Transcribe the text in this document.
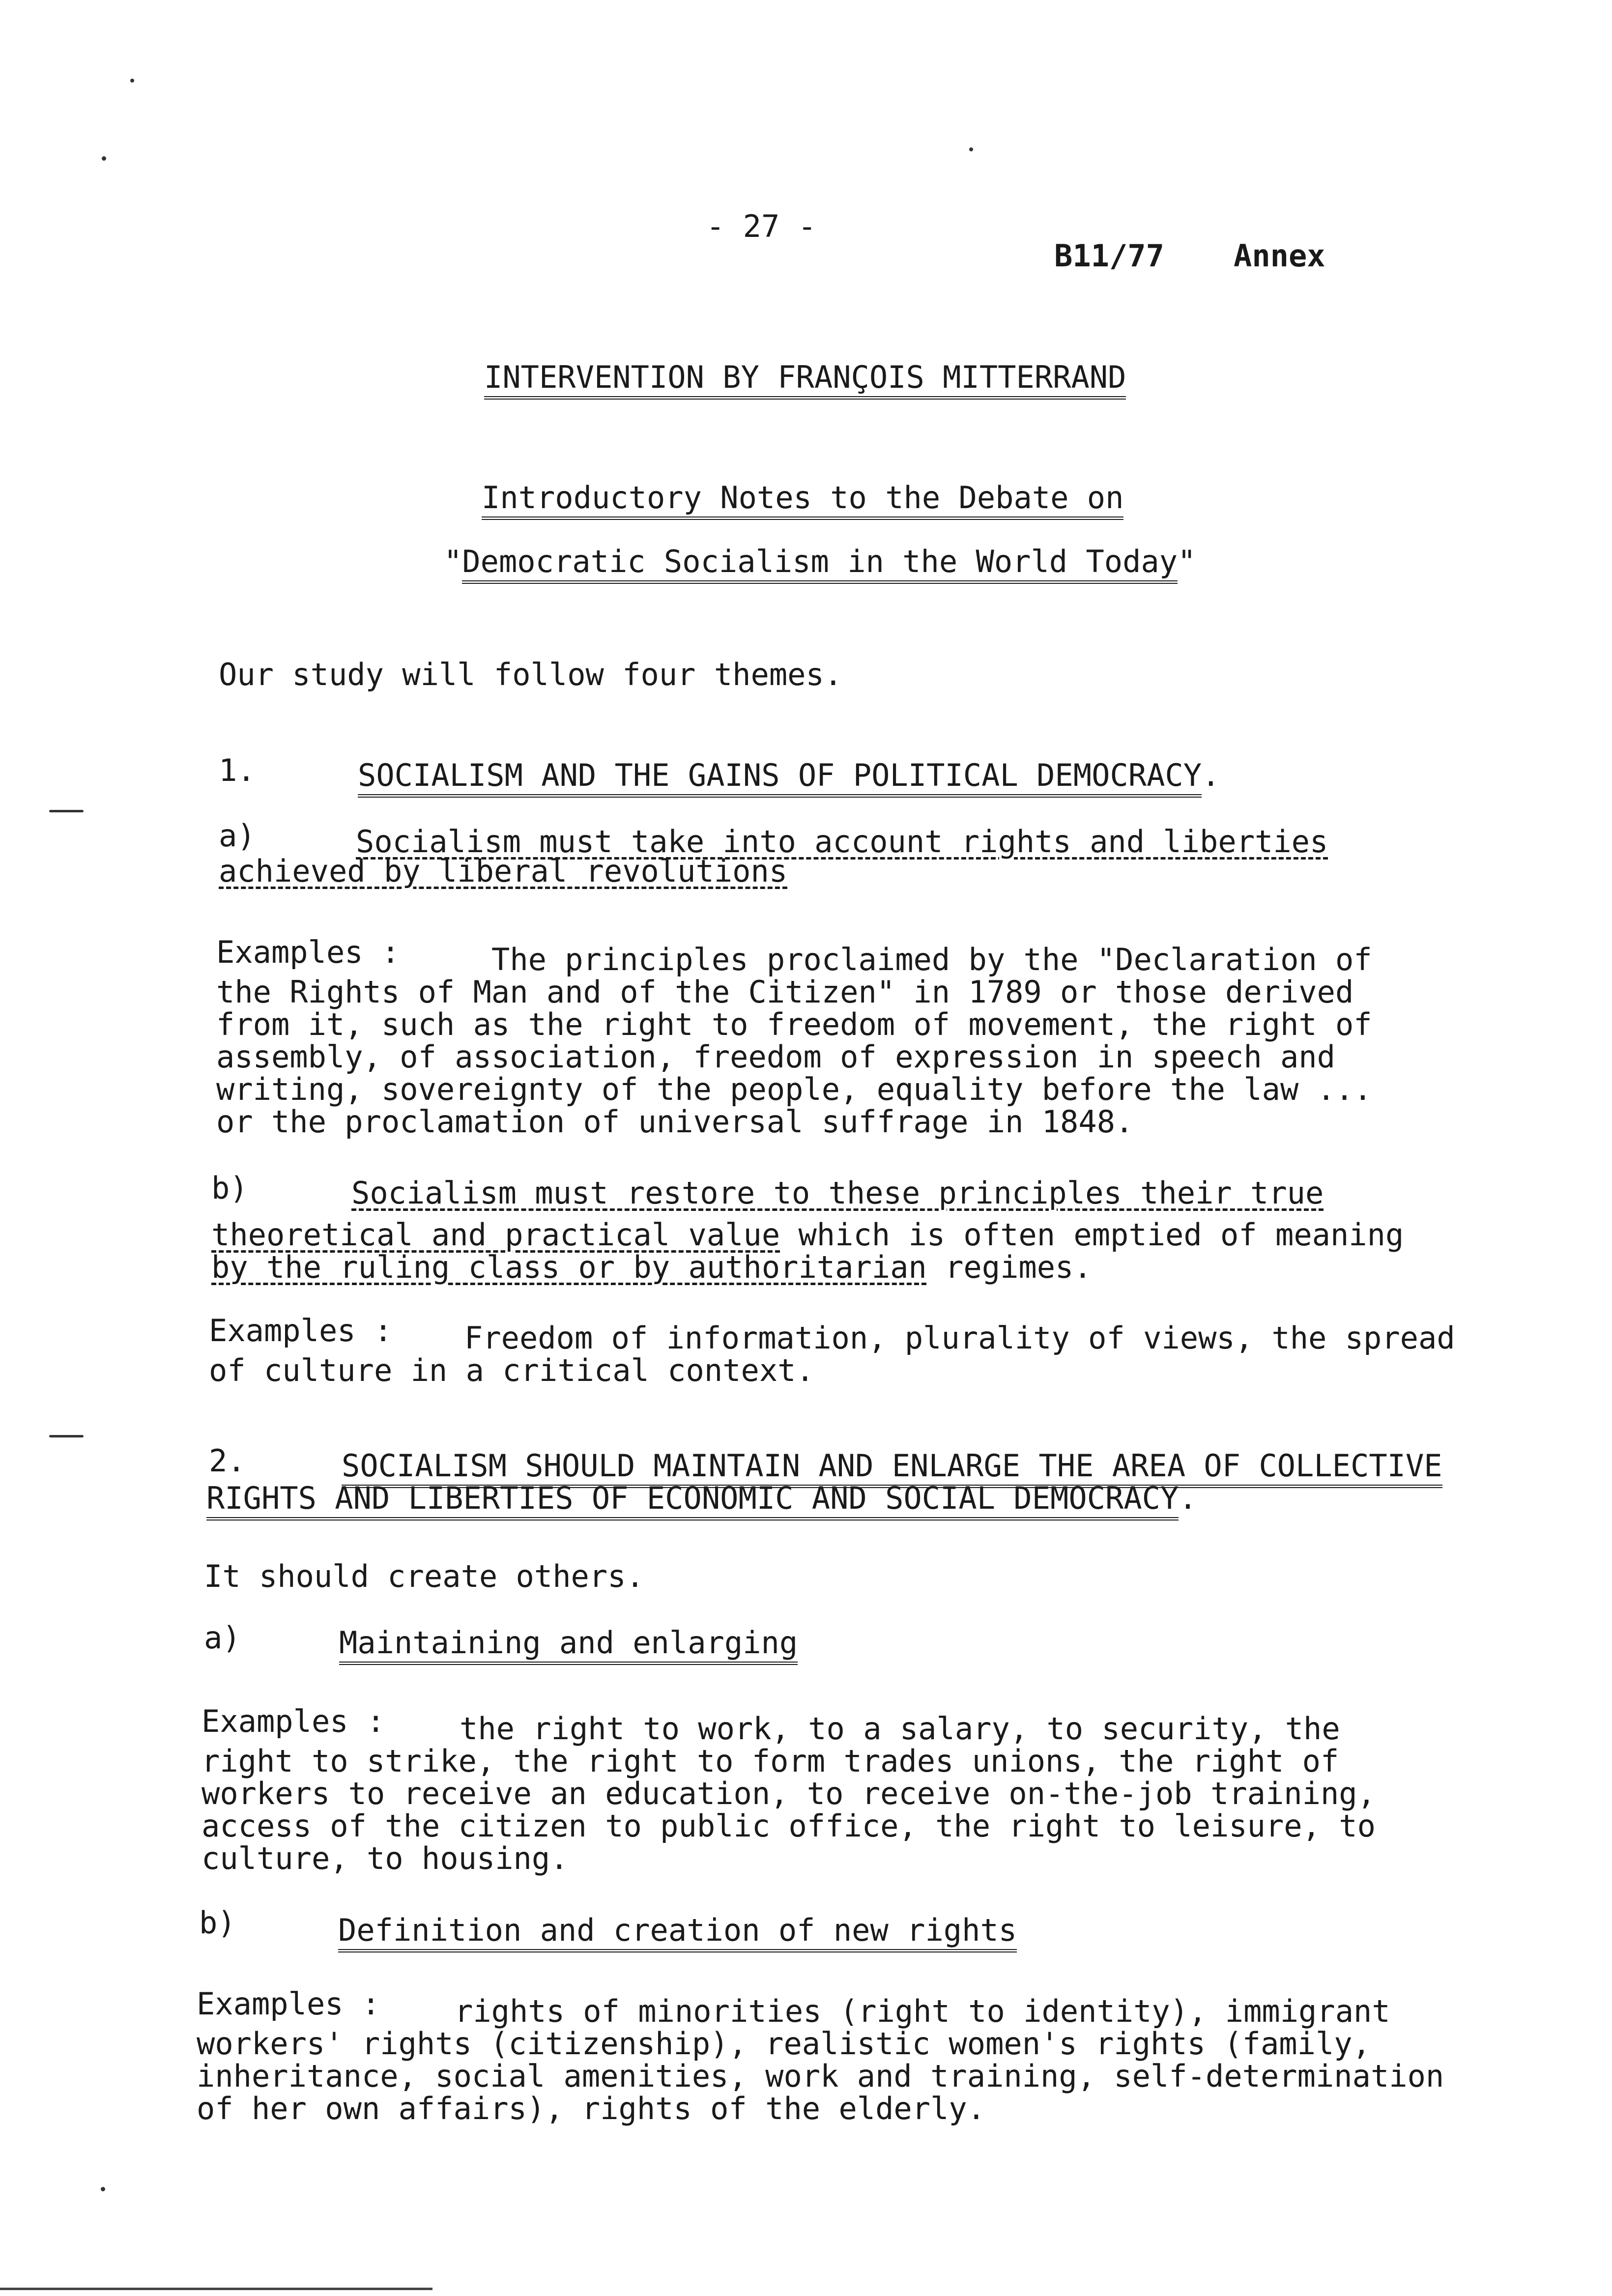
- 27 -
B11/77 Annex
INTERVENTION BY FRANÇOIS MITTERRAND
Introductory Notes to the Debate on
"Democratic Socialism in the World Today"
Our study will follow four themes.
1.	SOCIALISM AND THE GAINS OF POLITICAL DEMOCRACY.
a)	Socialism must take into account rights and liberties
achieved by liberal revolutions
Examples :	The principles proclaimed by the "Declaration of
the Rights of Man and of the Citizen" in 1789 or those derived
from it, such as the right to freedom of movement, the right of
assembly, of association, freedom of expression in speech and
writing, sovereignty of the people, equality before the law ...
or the proclamation of universal suffrage in 1848.
b)	Socialism must restore to these principles their true
theoretical and practical value which is often emptied of meaning
by the ruling class or by authoritarian regimes.
Examples : Freedom of information, plurality of views, the spread
of culture in a critical context.
2.	SOCIALISM SHOULD MAINTAIN AND ENLARGE THE AREA OF COLLECTIVE
RIGHTS AND LIBERTIES OF ECONOMIC AND SOCIAL DEMOCRACY.
It should create others.
a)	Maintaining and enlarging
Examples : the right to work, to a salary, to security, the
right to strike, the right to form trades unions, the right of
workers to receive an education, to receive on-the-job training,
access of the citizen to public office, the right to leisure, to
culture, to housing.
b)	Definition and creation of new rights
Examples : rights of minorities (right to identity), immigrant
workers' rights (citizenship), realistic women's rights (family,
inheritance, social amenities, work and training, self-determination
of her own affairs), rights of the elderly.
